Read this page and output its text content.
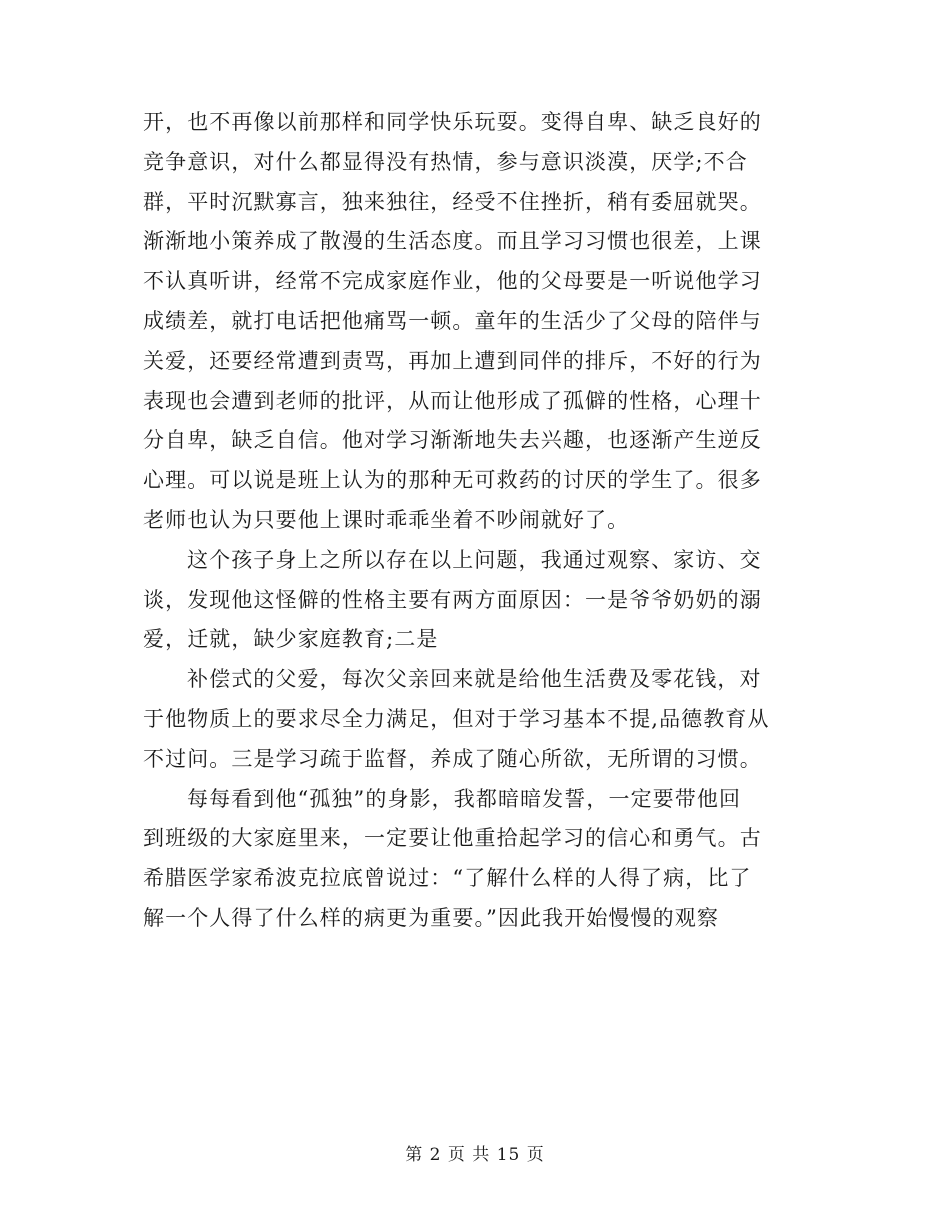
开，也不再像以前那样和同学快乐玩耍。变得自卑、缺乏良好的
竞争意识，对什么都显得没有热情，参与意识淡漠，厌学;不合
群，平时沉默寡言，独来独往，经受不住挫折，稍有委屈就哭。
渐渐地小策养成了散漫的生活态度。而且学习习惯也很差，上课
不认真听讲，经常不完成家庭作业，他的父母要是一听说他学习
成绩差，就打电话把他痛骂一顿。童年的生活少了父母的陪伴与
关爱，还要经常遭到责骂，再加上遭到同伴的排斥，不好的行为
表现也会遭到老师的批评，从而让他形成了孤僻的性格，心理十
分自卑，缺乏自信。他对学习渐渐地失去兴趣，也逐渐产生逆反
心理。可以说是班上认为的那种无可救药的讨厌的学生了。很多
老师也认为只要他上课时乖乖坐着不吵闹就好了。
这个孩子身上之所以存在以上问题，我通过观察、家访、交
谈，发现他这怪僻的性格主要有两方面原因：一是爷爷奶奶的溺
爱，迁就，缺少家庭教育;二是
补偿式的父爱，每次父亲回来就是给他生活费及零花钱，对
于他物质上的要求尽全力满足，但对于学习基本不提,品德教育从
不过问。三是学习疏于监督，养成了随心所欲，无所谓的习惯。
每每看到他“孤独”的身影，我都暗暗发誓，一定要带他回
到班级的大家庭里来，一定要让他重拾起学习的信心和勇气。古
希腊医学家希波克拉底曾说过：“了解什么样的人得了病，比了
解一个人得了什么样的病更为重要。”因此我开始慢慢的观察
第 2 页 共 15 页
